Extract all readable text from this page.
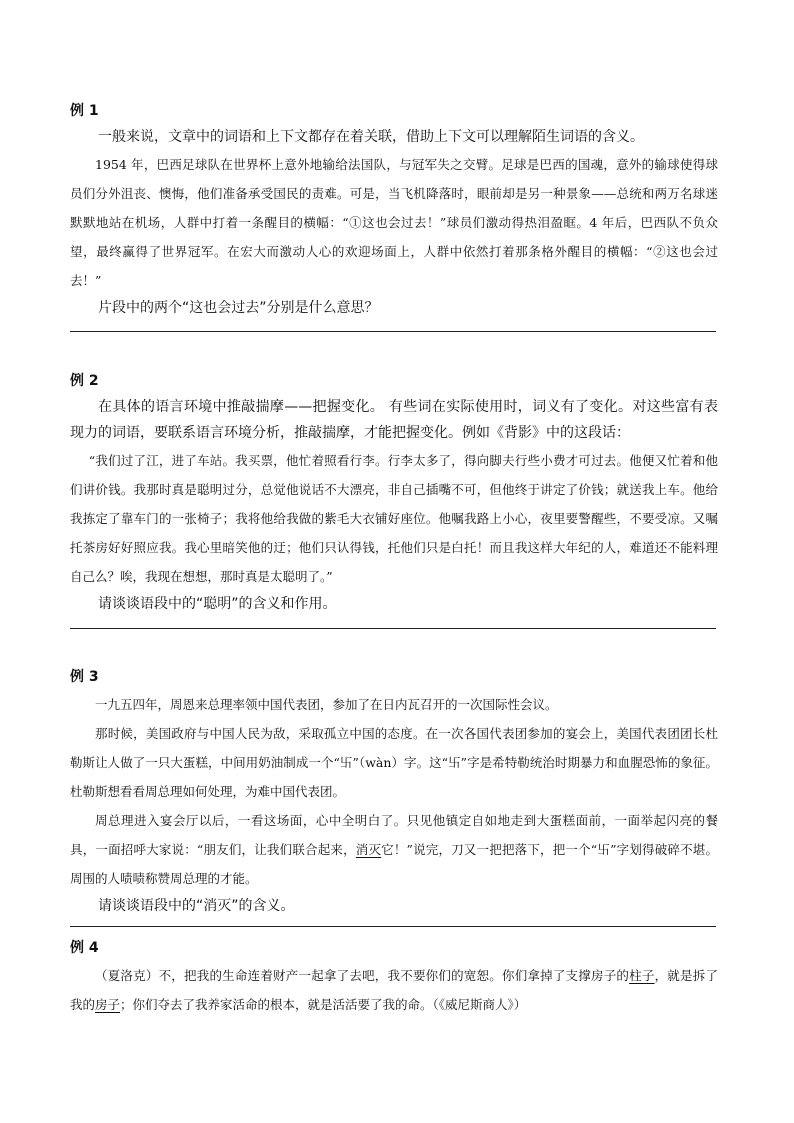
例 1

一般来说，文章中的词语和上下文都存在着关联，借助上下文可以理解陌生词语的含义。

1954 年，巴西足球队在世界杯上意外地输给法国队，与冠军失之交臂。足球是巴西的国魂，意外的输球使得球员们分外沮丧、懊悔，他们准备承受国民的责难。可是，当飞机降落时，眼前却是另一种景象——总统和两万名球迷默默地站在机场，人群中打着一条醒目的横幅：“①这也会过去！”球员们激动得热泪盈眶。4 年后，巴西队不负众望，最终赢得了世界冠军。在宏大而激动人心的欢迎场面上，人群中依然打着那条格外醒目的横幅：“②这也会过去！”

片段中的两个“这也会过去”分别是什么意思？

例 2

在具体的语言环境中推敲揣摩——把握变化。 有些词在实际使用时，词义有了变化。对这些富有表现力的词语，要联系语言环境分析，推敲揣摩，才能把握变化。例如《背影》中的这段话：

“我们过了江，进了车站。我买票，他忙着照看行李。行李太多了，得向脚夫行些小费才可过去。他便又忙着和他们讲价钱。我那时真是聪明过分，总觉他说话不大漂亮，非自己插嘴不可，但他终于讲定了价钱；就送我上车。他给我拣定了靠车门的一张椅子；我将他给我做的紫毛大衣铺好座位。他嘱我路上小心，夜里要警醒些，不要受凉。又嘱托茶房好好照应我。我心里暗笑他的迂；他们只认得钱，托他们只是白托！而且我这样大年纪的人，难道还不能料理自己么？唉，我现在想想，那时真是太聪明了。”

请谈谈语段中的“聪明”的含义和作用。

例 3

一九五四年，周恩来总理率领中国代表团，参加了在日内瓦召开的一次国际性会议。

那时候，美国政府与中国人民为敌，采取孤立中国的态度。在一次各国代表团参加的宴会上，美国代表团团长杜勒斯让人做了一只大蛋糕，中间用奶油制成一个“卐”（wàn）字。这“卐”字是希特勒统治时期暴力和血腥恐怖的象征。杜勒斯想看看周总理如何处理，为难中国代表团。

周总理进入宴会厅以后，一看这场面，心中全明白了。只见他镇定自如地走到大蛋糕面前，一面举起闪亮的餐具，一面招呼大家说：“朋友们，让我们联合起来，消灭它！”说完，刀又一把把落下，把一个“卐”字划得破碎不堪。周围的人啧啧称赞周总理的才能。

请谈谈语段中的“消灭”的含义。

例 4

（夏洛克）不，把我的生命连着财产一起拿了去吧，我不要你们的宽恕。你们拿掉了支撑房子的柱子，就是拆了我的房子；你们夺去了我养家活命的根本，就是活活要了我的命。（《威尼斯商人》）
